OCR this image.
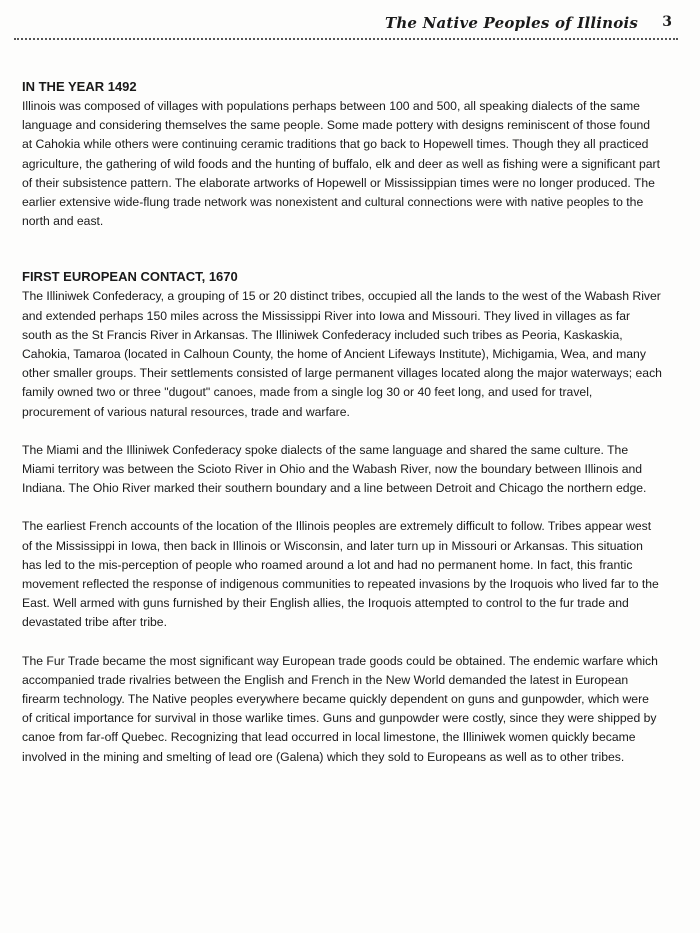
The Native Peoples of Illinois 3
IN THE YEAR 1492

Illinois was composed of villages with populations perhaps between 100 and 500, all speaking dialects of the same language and considering themselves the same people. Some made pottery with designs reminiscent of those found at Cahokia while others were continuing ceramic traditions that go back to Hopewell times. Though they all practiced agriculture, the gathering of wild foods and the hunting of buffalo, elk and deer as well as fishing were a significant part of their subsistence pattern. The elaborate artworks of Hopewell or Mississippian times were no longer produced. The earlier extensive wide-flung trade network was nonexistent and cultural connections were with native peoples to the north and east.

FIRST EUROPEAN CONTACT, 1670

The Illiniwek Confederacy, a grouping of 15 or 20 distinct tribes, occupied all the lands to the west of the Wabash River and extended perhaps 150 miles across the Mississippi River into Iowa and Missouri. They lived in villages as far south as the St Francis River in Arkansas. The Illiniwek Confederacy included such tribes as Peoria, Kaskaskia, Cahokia, Tamaroa (located in Calhoun County, the home of Ancient Lifeways Institute), Michigamia, Wea, and many other smaller groups. Their settlements consisted of large permanent villages located along the major waterways; each family owned two or three "dugout" canoes, made from a single log 30 or 40 feet long, and used for travel, procurement of various natural resources, trade and warfare.

The Miami and the Illiniwek Confederacy spoke dialects of the same language and shared the same culture. The Miami territory was between the Scioto River in Ohio and the Wabash River, now the boundary between Illinois and Indiana. The Ohio River marked their southern boundary and a line between Detroit and Chicago the northern edge.

The earliest French accounts of the location of the Illinois peoples are extremely difficult to follow. Tribes appear west of the Mississippi in Iowa, then back in Illinois or Wisconsin, and later turn up in Missouri or Arkansas. This situation has led to the mis-perception of people who roamed around a lot and had no permanent home. In fact, this frantic movement reflected the response of indigenous communities to repeated invasions by the Iroquois who lived far to the East. Well armed with guns furnished by their English allies, the Iroquois attempted to control to the fur trade and devastated tribe after tribe.

The Fur Trade became the most significant way European trade goods could be obtained. The endemic warfare which accompanied trade rivalries between the English and French in the New World demanded the latest in European firearm technology. The Native peoples everywhere became quickly dependent on guns and gunpowder, which were of critical importance for survival in those warlike times. Guns and gunpowder were costly, since they were shipped by canoe from far-off Quebec. Recognizing that lead occurred in local limestone, the Illiniwek women quickly became involved in the mining and smelting of lead ore (Galena) which they sold to Europeans as well as to other tribes.
